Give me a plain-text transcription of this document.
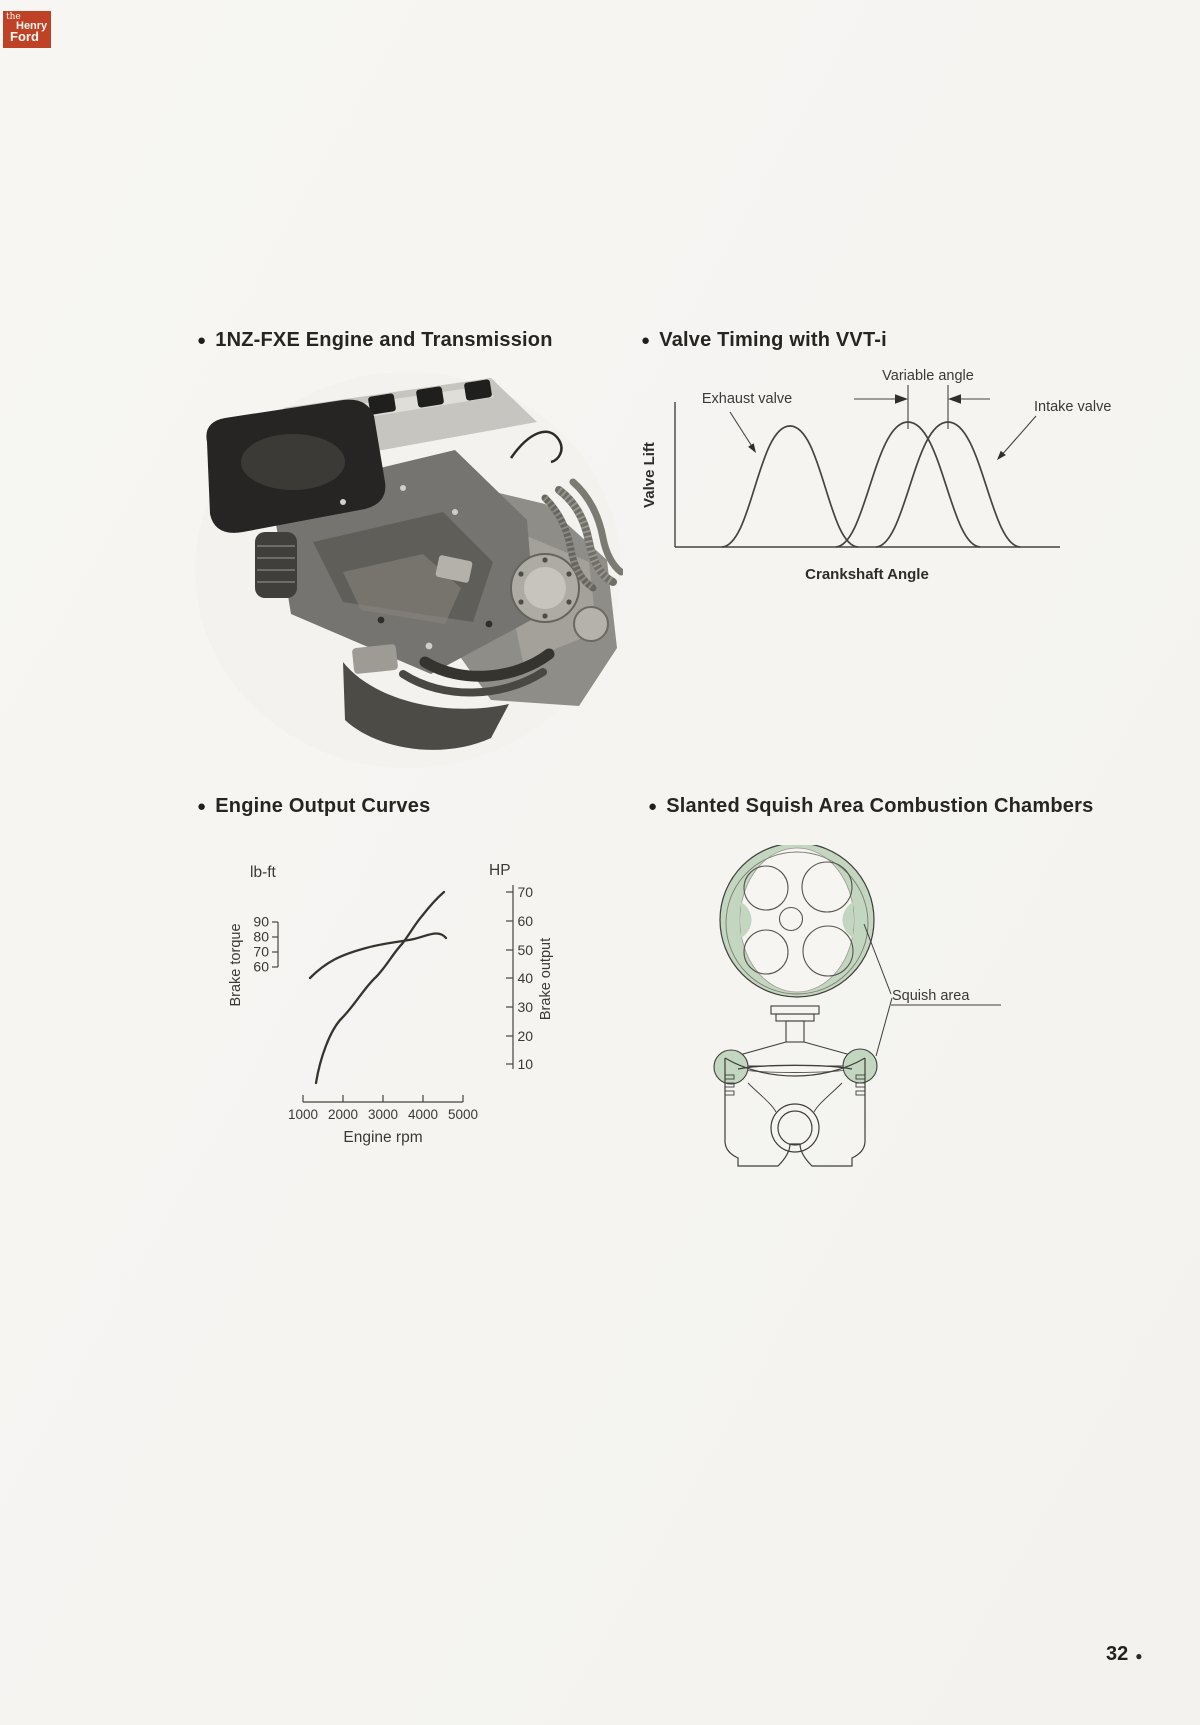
the
Henry
Ford
● 1NZ-FXE Engine and Transmission	● Valve Timing with VVT-i
● Engine Output Curves	● Slanted Squish Area Combustion Chambers
Variable angle
Exhaust valve	Intake valve
Valve Lift
Crankshaft Angle
lb-ft	HP
Brake torque	Brake output
90
80
70
60
70
60
50
40
30
20
10
1000 2000 3000 4000 5000
Engine rpm
Squish area
32 ●
